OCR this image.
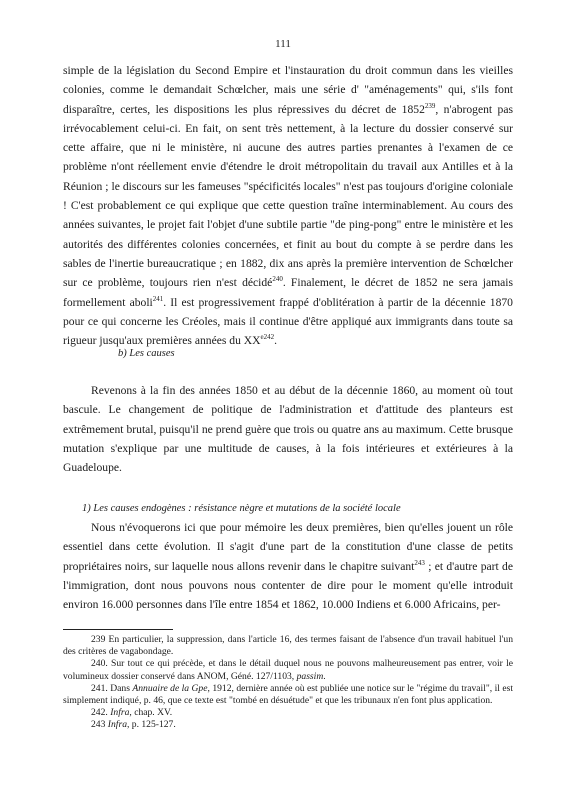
111

simple de la législation du Second Empire et l'instauration du droit commun dans les vieilles colonies, comme le demandait Schœlcher, mais une série d' "aménagements" qui, s'ils font disparaître, certes, les dispositions les plus répressives du décret de 1852$^{239}$, n'abrogent pas irrévocablement celui-ci. En fait, on sent très nettement, à la lecture du dossier conservé sur cette affaire, que ni le ministère, ni aucune des autres parties prenantes à l'examen de ce problème n'ont réellement envie d'étendre le droit métropolitain du travail aux Antilles et à la Réunion ; le discours sur les fameuses "spécificités locales" n'est pas toujours d'origine coloniale ! C'est probablement ce qui explique que cette question traîne interminablement. Au cours des années suivantes, le projet fait l'objet d'une subtile partie "de ping-pong" entre le ministère et les autorités des différentes colonies concernées, et finit au bout du compte à se perdre dans les sables de l'inertie bureaucratique ; en 1882, dix ans après la première intervention de Schœlcher sur ce problème, toujours rien n'est décidé$^{240}$. Finalement, le décret de 1852 ne sera jamais formellement aboli$^{241}$. Il est progressivement frappé d'oblitération à partir de la décennie 1870 pour ce qui concerne les Créoles, mais il continue d'être appliqué aux immigrants dans toute sa rigueur jusqu'aux premières années du $XX^{e242}$.

b) Les causes

Revenons à la fin des années 1850 et au début de la décennie 1860, au moment où tout bascule. Le changement de politique de l'administration et d'attitude des planteurs est extrêmement brutal, puisqu'il ne prend guère que trois ou quatre ans au maximum. Cette brusque mutation s'explique par une multitude de causes, à la fois intérieures et extérieures à la Guadeloupe.

1) Les causes endogènes : résistance nègre et mutations de la société locale

Nous n'évoquerons ici que pour mémoire les deux premières, bien qu'elles jouent un rôle essentiel dans cette évolution. Il s'agit d'une part de la constitution d'une classe de petits propriétaires noirs, sur laquelle nous allons revenir dans le chapitre suivant$^{243}$ ; et d'autre part de l'immigration, dont nous pouvons nous contenter de dire pour le moment qu'elle introduit environ 16.000 personnes dans l'île entre 1854 et 1862, 10.000 Indiens et 6.000 Africains, per-

239 En particulier, la suppression, dans l'article 16, des termes faisant de l'absence d'un travail habituel l'un des critères de vagabondage.

240. Sur tout ce qui précède, et dans le détail duquel nous ne pouvons malheureusement pas entrer, voir le volumineux dossier conservé dans ANOM, Géné. 127/1103, passim.

241. Dans Annuaire de la Gpe, 1912, dernière année où est publiée une notice sur le "régime du travail", il est simplement indiqué, p. 46, que ce texte est "tombé en désuétude" et que les tribunaux n'en font plus application.

242. Infra, chap. XV.

243 Infra, p. 125-127.
